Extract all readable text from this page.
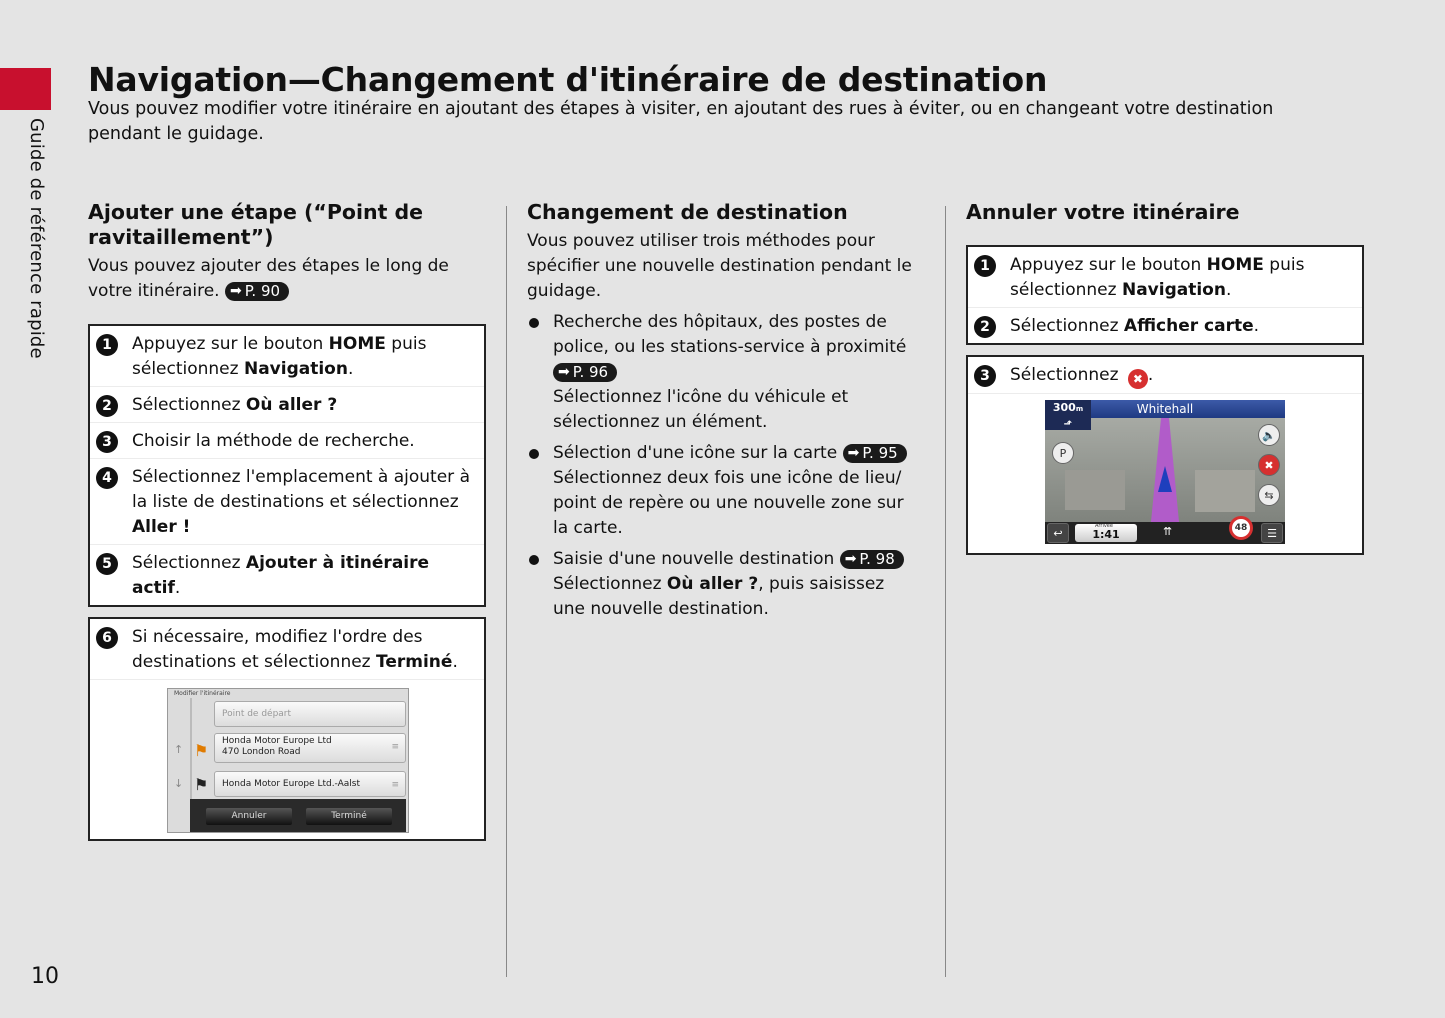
Guide de référence rapide
10
Navigation—Changement d'itinéraire de destination

Vous pouvez modifier votre itinéraire en ajoutant des étapes à visiter, en ajoutant des rues à éviter, ou en changeant votre destination pendant le guidage.

Ajouter une étape (“Point de ravitaillement”)

Vous pouvez ajouter des étapes le long de votre itinéraire. ➡ P. 90

1	Appuyez sur le bouton HOME puis sélectionnez Navigation.
2	Sélectionnez Où aller ?
3	Choisir la méthode de recherche.
4	Sélectionnez l'emplacement à ajouter à la liste de destinations et sélectionnez Aller !
5	Sélectionnez Ajouter à itinéraire actif.
6	Si nécessaire, modifiez l'ordre des destinations et sélectionnez Terminé.
Modifier l'itinéraire
Point de départ
↑ ⚑ Honda Motor Europe Ltd
470 London Road	≡
↓ ⚑	Honda Motor Europe Ltd.-Aalst	≡
Annuler	Terminé
Changement de destination

Vous pouvez utiliser trois méthodes pour spécifier une nouvelle destination pendant le guidage.

Recherche des hôpitaux, des postes de police, ou les stations-service à proximité
➡ P. 96
Sélectionnez l'icône du véhicule et sélectionnez un élément.
Sélection d'une icône sur la carte ➡ P. 95
Sélectionnez deux fois une icône de lieu/ point de repère ou une nouvelle zone sur la carte.
Saisie d'une nouvelle destination ➡ P. 98
Sélectionnez Où aller ?, puis saisissez une nouvelle destination.
Annuler votre itinéraire
1	Appuyez sur le bouton HOME puis sélectionnez Navigation.
2	Sélectionnez Afficher carte.
3	Sélectionnez ✖ .
Whitehall
300m
⬏
P
🔈
✖
⇆
↩	1:41
Arrivée	⇈	48	☰
